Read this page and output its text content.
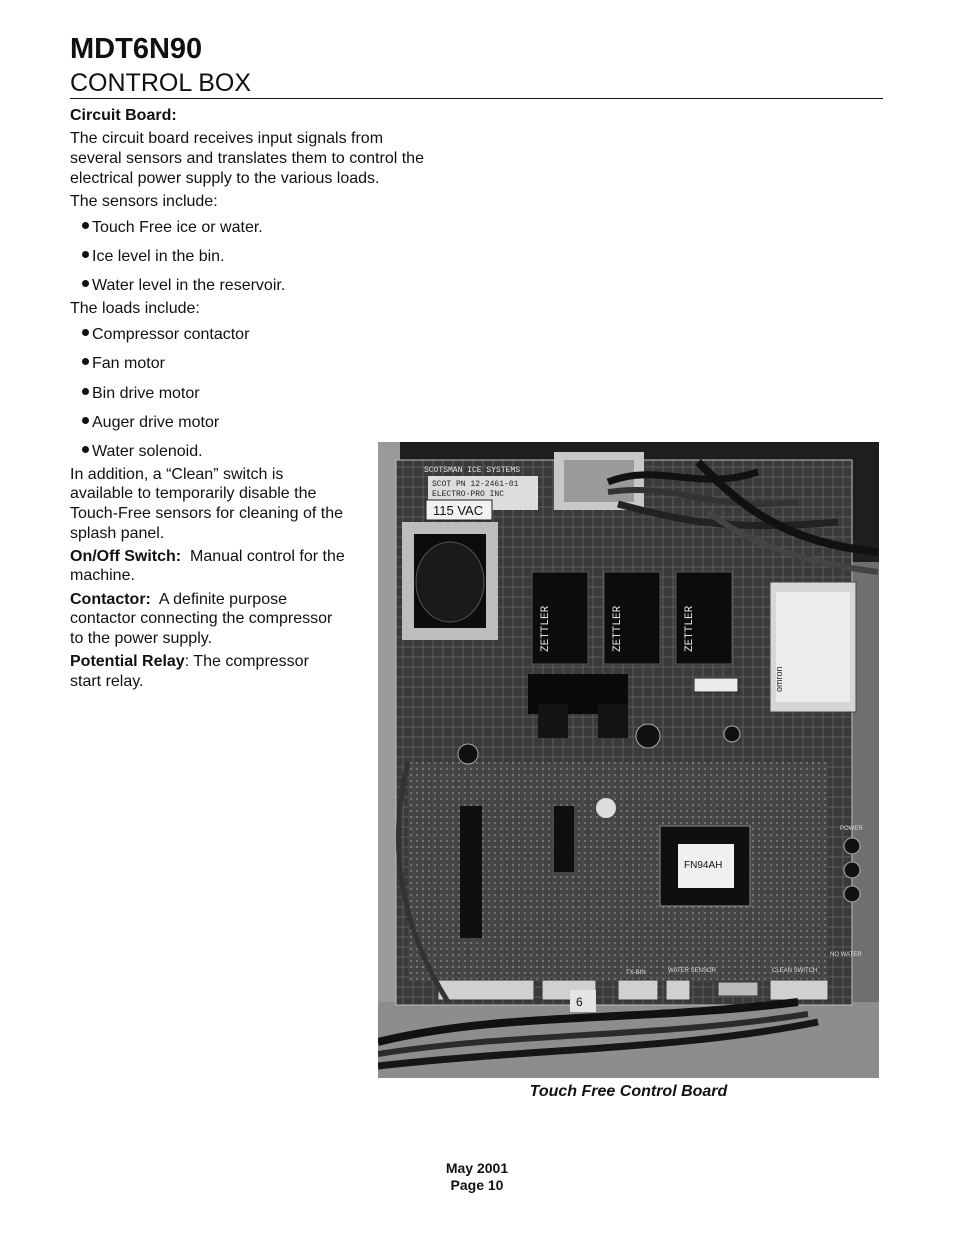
MDT6N90
CONTROL BOX
Circuit Board:
The circuit board receives input signals from
several sensors and translates them to control the
electrical power supply to the various loads.
The sensors include:
Touch Free ice or water.
Ice level in the bin.
Water level in the reservoir.
The loads include:
Compressor contactor
Fan motor
Bin drive motor
Auger drive motor
Water solenoid.
In addition, a “Clean” switch is
available to temporarily disable the
Touch-Free sensors for cleaning of the
splash panel.
On/Off Switch: Manual control for the
machine.
Contactor: A definite purpose
contactor connecting the compressor
to the power supply.
Potential Relay: The compressor
start relay.
SCOTSMAN ICE SYSTEMS
SCOT PN 12-2461-01
ELECTRO-PRO INC
115 VAC
ZETTLER	ZETTLER	ZETTLER
omron
FN94AH
POWER
NO WATER
TX-BIN	WATER SENSOR	CLEAN SWITCH
6
Touch Free Control Board
May 2001
Page 10
